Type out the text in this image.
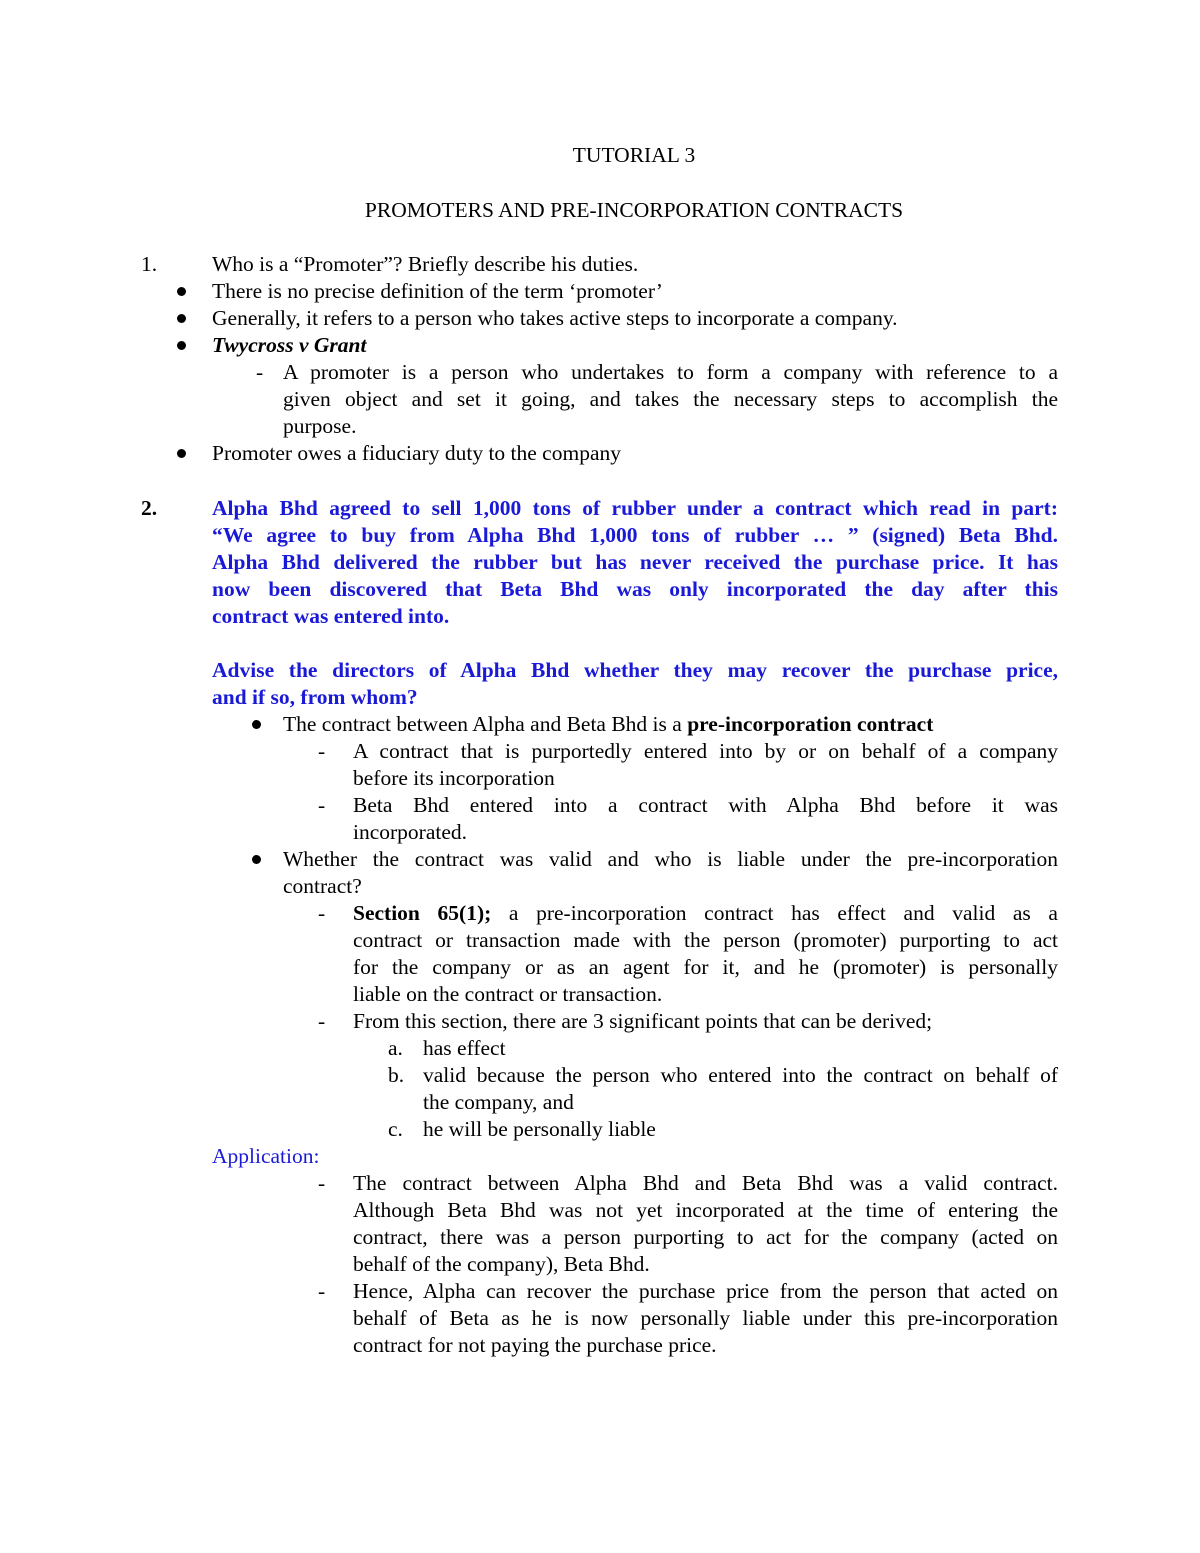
TUTORIAL 3
PROMOTERS AND PRE-INCORPORATION CONTRACTS
1.	Who is a “Promoter”? Briefly describe his duties.
There is no precise definition of the term ‘promoter’
Generally, it refers to a person who takes active steps to incorporate a company.
Twycross v Grant
- A promoter is a person who undertakes to form a company with reference to a
given object and set it going, and takes the necessary steps to accomplish the
purpose.
Promoter owes a fiduciary duty to the company
2.	Alpha Bhd agreed to sell 1,000 tons of rubber under a contract which read in part:
“We agree to buy from Alpha Bhd 1,000 tons of rubber … ” (signed) Beta Bhd.
Alpha Bhd delivered the rubber but has never received the purchase price. It has
now been discovered that Beta Bhd was only incorporated the day after this
contract was entered into.
Advise the directors of Alpha Bhd whether they may recover the purchase price,
and if so, from whom?
The contract between Alpha and Beta Bhd is a pre-incorporation contract
- A contract that is purportedly entered into by or on behalf of a company
before its incorporation
- Beta Bhd entered into a contract with Alpha Bhd before it was
incorporated.
Whether the contract was valid and who is liable under the pre-incorporation
contract?
- Section 65(1); a pre-incorporation contract has effect and valid as a
contract or transaction made with the person (promoter) purporting to act
for the company or as an agent for it, and he (promoter) is personally
liable on the contract or transaction.
- From this section, there are 3 significant points that can be derived;
a. has effect
b. valid because the person who entered into the contract on behalf of
the company, and
c. he will be personally liable
Application:
- The contract between Alpha Bhd and Beta Bhd was a valid contract.
Although Beta Bhd was not yet incorporated at the time of entering the
contract, there was a person purporting to act for the company (acted on
behalf of the company), Beta Bhd.
- Hence, Alpha can recover the purchase price from the person that acted on
behalf of Beta as he is now personally liable under this pre-incorporation
contract for not paying the purchase price.
